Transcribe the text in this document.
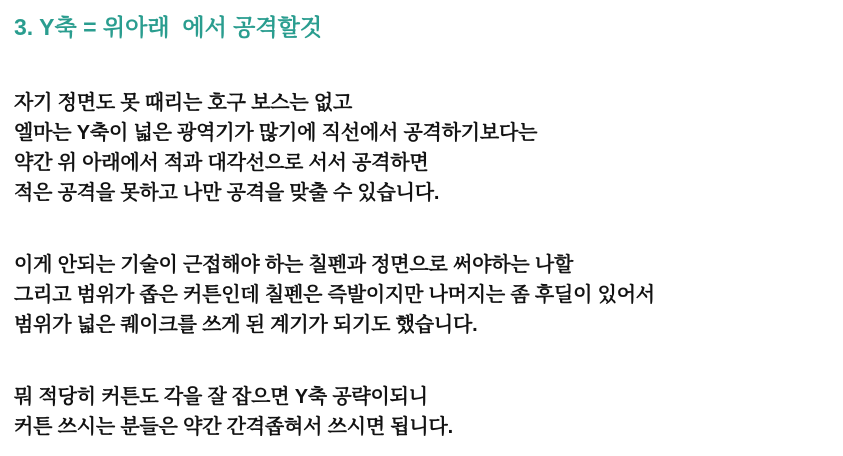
3. Y축 = 위아래  에서 공격할것

자기 정면도 못 때리는 호구 보스는 없고
엘마는 Y축이 넓은 광역기가 많기에 직선에서 공격하기보다는
약간 위 아래에서 적과 대각선으로 서서 공격하면
적은 공격을 못하고 나만 공격을 맞출 수 있습니다.

이게 안되는 기술이 근접해야 하는 칠펜과 정면으로 써야하는 나할
그리고 범위가 좁은 커튼인데 칠펜은 즉발이지만 나머지는 좀 후딜이 있어서
범위가 넓은 퀘이크를 쓰게 된 계기가 되기도 했습니다.

뭐 적당히 커튼도 각을 잘 잡으면 Y축 공략이되니
커튼 쓰시는 분들은 약간 간격좁혀서 쓰시면 됩니다.
